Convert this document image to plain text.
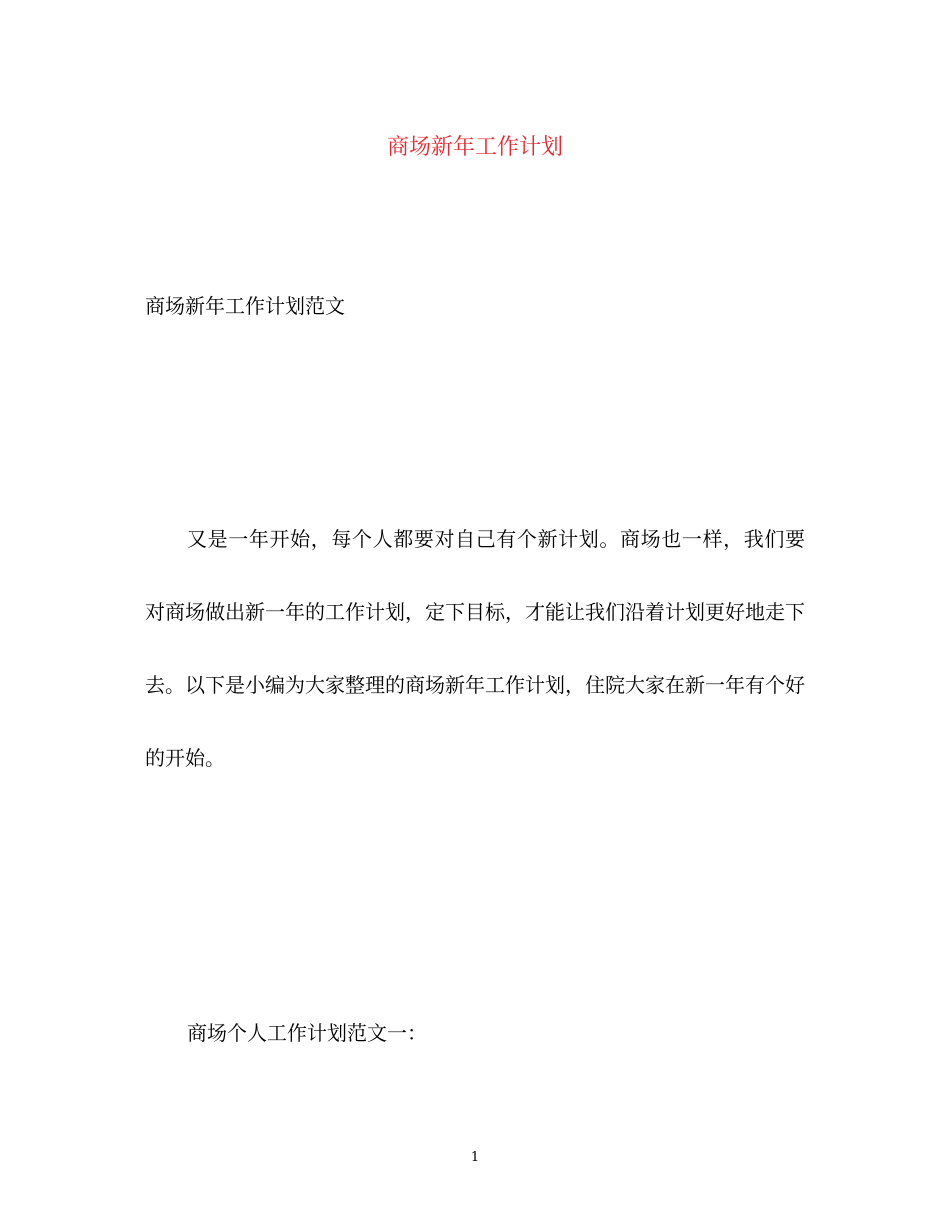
商场新年工作计划
商场新年工作计划范文

又是一年开始，每个人都要对自己有个新计划。商场也一样，我们要对商场做出新一年的工作计划，定下目标，才能让我们沿着计划更好地走下去。以下是小编为大家整理的商场新年工作计划，住院大家在新一年有个好的开始。

商场个人工作计划范文一：
1
